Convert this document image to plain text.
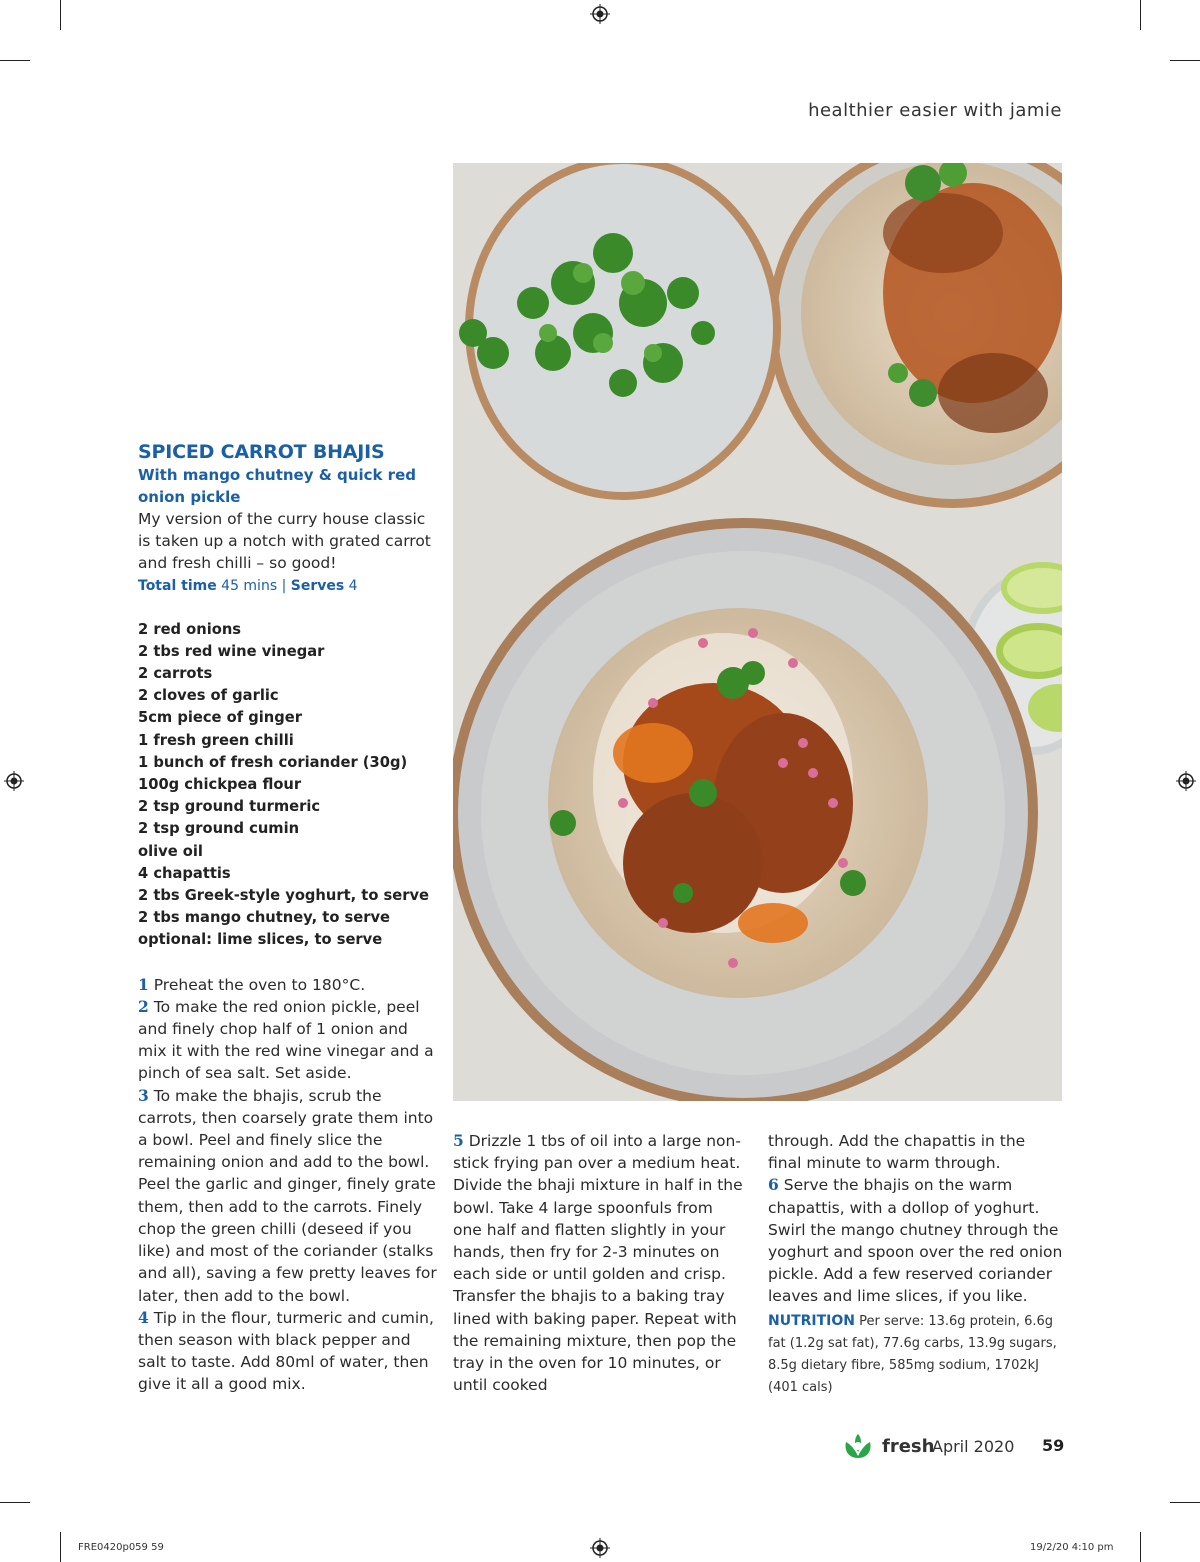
healthier easier with jamie
SPICED CARROT BHAJIS

With mango chutney & quick red onion pickle

My version of the curry house classic is taken up a notch with grated carrot and fresh chilli – so good!

Total time 45 mins | Serves 4

2 red onions
2 tbs red wine vinegar
2 carrots
2 cloves of garlic
5cm piece of ginger
1 fresh green chilli
1 bunch of fresh coriander (30g)
100g chickpea flour
2 tsp ground turmeric
2 tsp ground cumin
olive oil
4 chapattis
2 tbs Greek-style yoghurt, to serve
2 tbs mango chutney, to serve
optional: lime slices, to serve
1 Preheat the oven to 180°C.
2 To make the red onion pickle, peel and finely chop half of 1 onion and mix it with the red wine vinegar and a pinch of sea salt. Set aside.
3 To make the bhajis, scrub the carrots, then coarsely grate them into a bowl. Peel and finely slice the remaining onion and add to the bowl. Peel the garlic and ginger, finely grate them, then add to the carrots. Finely chop the green chilli (deseed if you like) and most of the coriander (stalks and all), saving a few pretty leaves for later, then add to the bowl.
4 Tip in the flour, turmeric and cumin, then season with black pepper and salt to taste. Add 80ml of water, then give it all a good mix.
5 Drizzle 1 tbs of oil into a large non-stick frying pan over a medium heat. Divide the bhaji mixture in half in the bowl. Take 4 large spoonfuls from one half and flatten slightly in your hands, then fry for 2-3 minutes on each side or until golden and crisp. Transfer the bhajis to a baking tray lined with baking paper. Repeat with the remaining mixture, then pop the tray in the oven for 10 minutes, or until cooked
through. Add the chapattis in the final minute to warm through.
6 Serve the bhajis on the warm chapattis, with a dollop of yoghurt. Swirl the mango chutney through the yoghurt and spoon over the red onion pickle. Add a few reserved coriander leaves and lime slices, if you like.
NUTRITION Per serve: 13.6g protein, 6.6g fat (1.2g sat fat), 77.6g carbs, 13.9g sugars, 8.5g dietary fibre, 585mg sodium, 1702kJ (401 cals)
fresh
April 2020 59
FRE0420p059 59	19/2/20 4:10 pm
